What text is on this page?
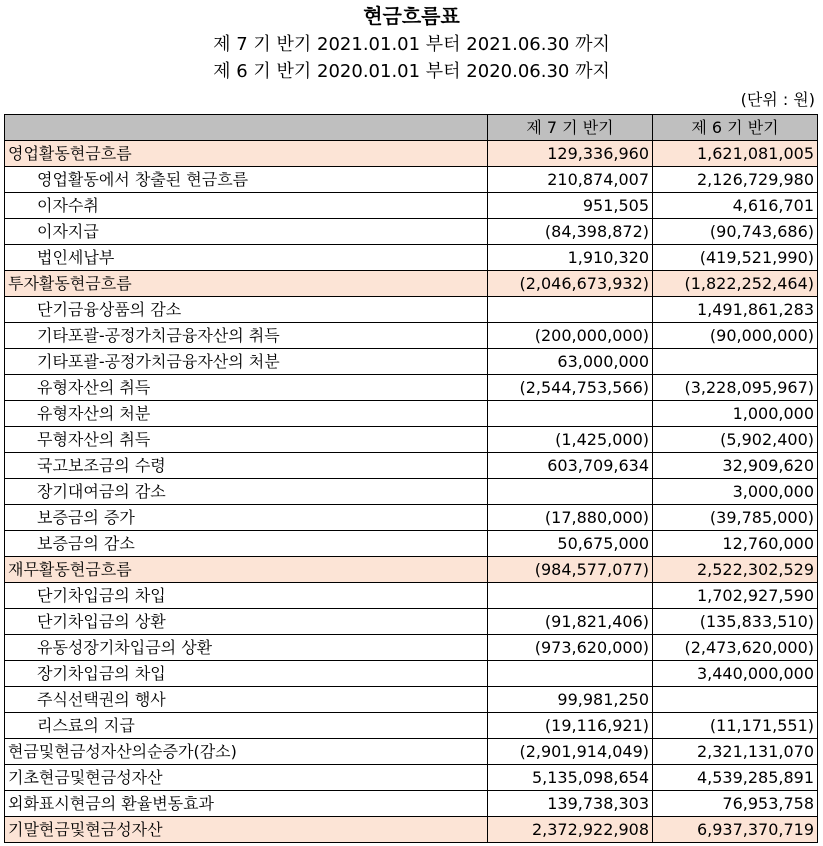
현금흐름표
제 7 기 반기 2021.01.01 부터 2021.06.30 까지
제 6 기 반기 2020.01.01 부터 2020.06.30 까지
(단위 : 원)
	제 7 기 반기	제 6 기 반기
영업활동현금흐름	129,336,960	1,621,081,005
영업활동에서 창출된 현금흐름	210,874,007	2,126,729,980
이자수취	951,505	4,616,701
이자지급	(84,398,872)	(90,743,686)
법인세납부	1,910,320	(419,521,990)
투자활동현금흐름	(2,046,673,932)	(1,822,252,464)
단기금융상품의 감소		1,491,861,283
기타포괄-공정가치금융자산의 취득	(200,000,000)	(90,000,000)
기타포괄-공정가치금융자산의 처분	63,000,000	
유형자산의 취득	(2,544,753,566)	(3,228,095,967)
유형자산의 처분		1,000,000
무형자산의 취득	(1,425,000)	(5,902,400)
국고보조금의 수령	603,709,634	32,909,620
장기대여금의 감소		3,000,000
보증금의 증가	(17,880,000)	(39,785,000)
보증금의 감소	50,675,000	12,760,000
재무활동현금흐름	(984,577,077)	2,522,302,529
단기차입금의 차입		1,702,927,590
단기차입금의 상환	(91,821,406)	(135,833,510)
유동성장기차입금의 상환	(973,620,000)	(2,473,620,000)
장기차입금의 차입		3,440,000,000
주식선택권의 행사	99,981,250	
리스료의 지급	(19,116,921)	(11,171,551)
현금및현금성자산의순증가(감소)	(2,901,914,049)	2,321,131,070
기초현금및현금성자산	5,135,098,654	4,539,285,891
외화표시현금의 환율변동효과	139,738,303	76,953,758
기말현금및현금성자산	2,372,922,908	6,937,370,719
